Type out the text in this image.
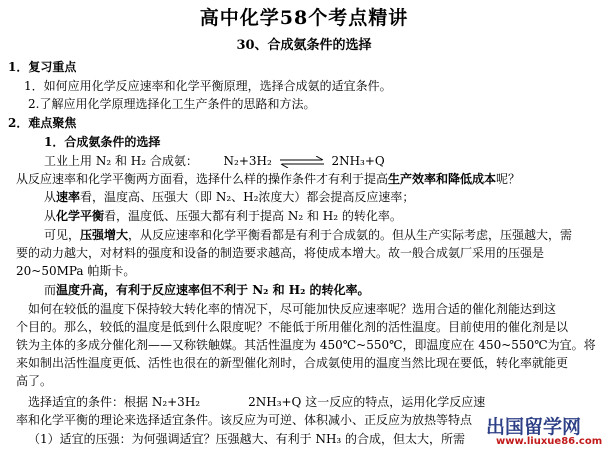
高中化学58个考点精讲
30、合成氨条件的选择
1．复习重点
1．如何应用化学反应速率和化学平衡原理，选择合成氨的适宜条件。
2.了解应用化学原理选择化工生产条件的思路和方法。
2．难点聚焦
1．合成氨条件的选择
工业上用 N₂ 和 H₂ 合成氨： N₂+3H₂ ⇌ 2NH₃+Q
从反应速率和化学平衡两方面看，选择什么样的操作条件才有利于提高生产效率和降低成本呢？
从速率看，温度高、压强大（即 N₂、H₂浓度大）都会提高反应速率；
从化学平衡看，温度低、压强大都有利于提高 N₂ 和 H₂ 的转化率。
可见，压强增大，从反应速率和化学平衡看都是有利于合成氨的。但从生产实际考虑，压强越大，需
要的动力越大，对材料的强度和设备的制造要求越高，将使成本增大。故一般合成氨厂采用的压强是
20~50MPa 帕斯卡。
而温度升高，有利于反应速率但不利于 N₂ 和 H₂ 的转化率。
如何在较低的温度下保持较大转化率的情况下，尽可能加快反应速率呢？选用合适的催化剂能达到这
个目的。那么，较低的温度是低到什么限度呢？不能低于所用催化剂的活性温度。目前使用的催化剂是以
铁为主体的多成分催化剂——又称铁触媒。其活性温度为 450℃~550℃，即温度应在 450~550℃为宜。将
来如制出活性温度更低、活性也很在的新型催化剂时，合成氨使用的温度当然比现在要低，转化率就能更
高了。
选择适宜的条件：根据 N₂+3H₂	2NH₃+Q 这一反应的特点，运用化学反应速
率和化学平衡的理论来选择适宜条件。该反应为可逆、体积减小、正反应为放热等特点
（1）适宜的压强：为何强调适宜？压强越大、有利于 NH₃ 的合成，但太大，所需
出国留学网
www.liuxue86.com
